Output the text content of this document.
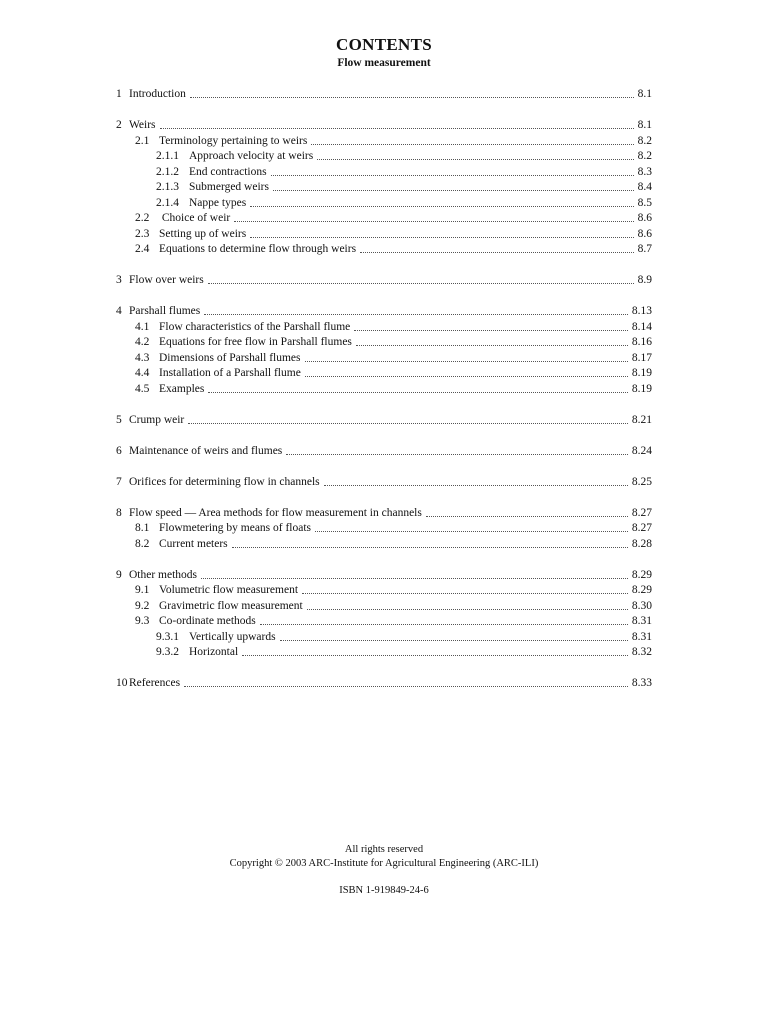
CONTENTS
Flow measurement
1 Introduction	8.1
2 Weirs	8.1
2.1 Terminology pertaining to weirs	8.2
2.1.1 Approach velocity at weirs	8.2
2.1.2 End contractions	8.3
2.1.3 Submerged weirs	8.4
2.1.4 Nappe types	8.5
2.2 Choice of weir	8.6
2.3 Setting up of weirs	8.6
2.4 Equations to determine flow through weirs	8.7
3 Flow over weirs	8.9
4 Parshall flumes	8.13
4.1 Flow characteristics of the Parshall flume	8.14
4.2 Equations for free flow in Parshall flumes	8.16
4.3 Dimensions of Parshall flumes	8.17
4.4 Installation of a Parshall flume	8.19
4.5 Examples	8.19
5 Crump weir	8.21
6 Maintenance of weirs and flumes	8.24
7 Orifices for determining flow in channels	8.25
8 Flow speed — Area methods for flow measurement in channels	8.27
8.1 Flowmetering by means of floats	8.27
8.2 Current meters	8.28
9 Other methods	8.29
9.1 Volumetric flow measurement	8.29
9.2 Gravimetric flow measurement	8.30
9.3 Co-ordinate methods	8.31
9.3.1 Vertically upwards	8.31
9.3.2 Horizontal	8.32
10 References	8.33
All rights reserved
Copyright © 2003 ARC-Institute for Agricultural Engineering (ARC-ILI)
ISBN 1-919849-24-6
